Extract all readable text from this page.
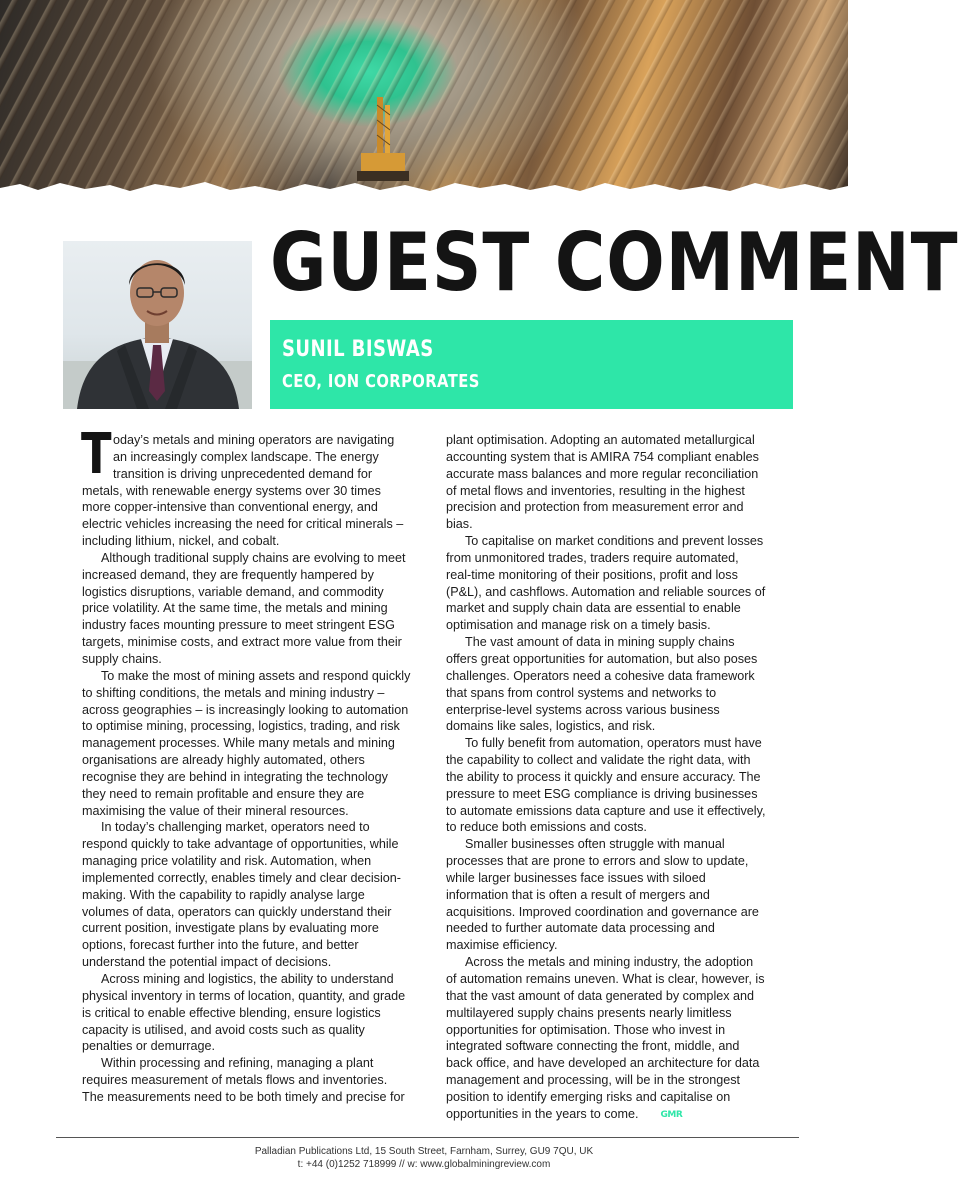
GUEST COMMENT
SUNIL BISWAS
CEO, ION CORPORATES

Today’s metals and mining operators are navigating an increasingly complex landscape. The energy transition is driving unprecedented demand for metals, with renewable energy systems over 30 times more copper-intensive than conventional energy, and electric vehicles increasing the need for critical minerals – including lithium, nickel, and cobalt.

Although traditional supply chains are evolving to meet increased demand, they are frequently hampered by logistics disruptions, variable demand, and commodity price volatility. At the same time, the metals and mining industry faces mounting pressure to meet stringent ESG targets, minimise costs, and extract more value from their supply chains.

To make the most of mining assets and respond quickly to shifting conditions, the metals and mining industry – across geographies – is increasingly looking to automation to optimise mining, processing, logistics, trading, and risk management processes. While many metals and mining organisations are already highly automated, others recognise they are behind in integrating the technology they need to remain profitable and ensure they are maximising the value of their mineral resources.

In today’s challenging market, operators need to respond quickly to take advantage of opportunities, while managing price volatility and risk. Automation, when implemented correctly, enables timely and clear decision-making. With the capability to rapidly analyse large volumes of data, operators can quickly understand their current position, investigate plans by evaluating more options, forecast further into the future, and better understand the potential impact of decisions.

Across mining and logistics, the ability to understand physical inventory in terms of location, quantity, and grade is critical to enable effective blending, ensure logistics capacity is utilised, and avoid costs such as quality penalties or demurrage.

Within processing and refining, managing a plant requires measurement of metals flows and inventories. The measurements need to be both timely and precise for

plant optimisation. Adopting an automated metallurgical accounting system that is AMIRA 754 compliant enables accurate mass balances and more regular reconciliation of metal flows and inventories, resulting in the highest precision and protection from measurement error and bias.

To capitalise on market conditions and prevent losses from unmonitored trades, traders require automated, real-time monitoring of their positions, profit and loss (P&L), and cashflows. Automation and reliable sources of market and supply chain data are essential to enable optimisation and manage risk on a timely basis.

The vast amount of data in mining supply chains offers great opportunities for automation, but also poses challenges. Operators need a cohesive data framework that spans from control systems and networks to enterprise-level systems across various business domains like sales, logistics, and risk.

To fully benefit from automation, operators must have the capability to collect and validate the right data, with the ability to process it quickly and ensure accuracy. The pressure to meet ESG compliance is driving businesses to automate emissions data capture and use it effectively, to reduce both emissions and costs.

Smaller businesses often struggle with manual processes that are prone to errors and slow to update, while larger businesses face issues with siloed information that is often a result of mergers and acquisitions. Improved coordination and governance are needed to further automate data processing and maximise efficiency.

Across the metals and mining industry, the adoption of automation remains uneven. What is clear, however, is that the vast amount of data generated by complex and multilayered supply chains presents nearly limitless opportunities for optimisation. Those who invest in integrated software connecting the front, middle, and back office, and have developed an architecture for data management and processing, will be in the strongest position to identify emerging risks and capitalise on opportunities in the years to come. GMR

Palladian Publications Ltd, 15 South Street, Farnham, Surrey, GU9 7QU, UK
t: +44 (0)1252 718999 // w: www.globalminingreview.com
